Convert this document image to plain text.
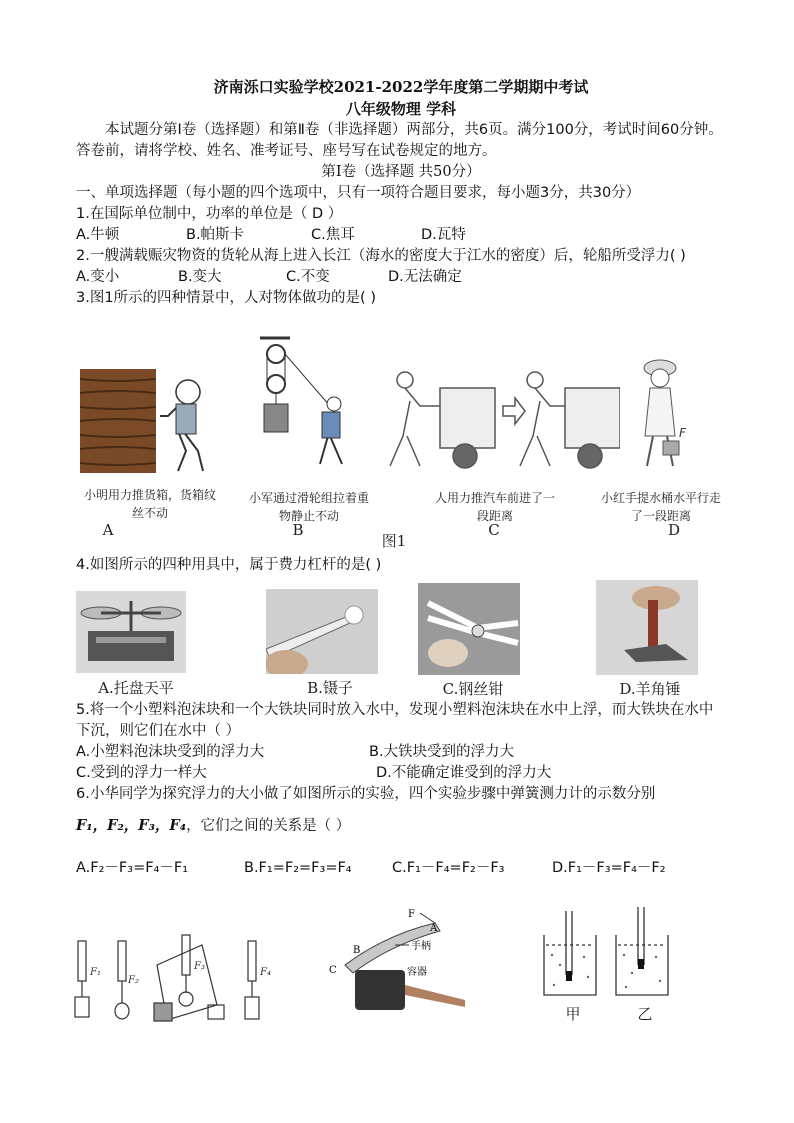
济南泺口实验学校2021-2022学年度第二学期期中考试
八年级物理 学科
本试题分第Ⅰ卷（选择题）和第Ⅱ卷（非选择题）两部分，共6页。满分100分，考试时间60分钟。答卷前，请将学校、姓名、准考证号、座号写在试卷规定的地方。
第Ⅰ卷（选择题 共50分）
一、单项选择题（每小题的四个选项中，只有一项符合题目要求，每小题3分，共30分）
1.在国际单位制中，功率的单位是（ D ）
A.牛顿	B.帕斯卡	C.焦耳	D.瓦特
2.一艘满载赈灾物资的货轮从海上进入长江（海水的密度大于江水的密度）后，轮船所受浮力( )
A.变小	B.变大	C.不变	D.无法确定
3.图1所示的四种情景中，人对物体做功的是( )
小明用力推货箱，货箱纹丝不动
A
小军通过滑轮组拉着重物静止不动
B
人用力推汽车前进了一段距离
C
F
小红手提水桶水平行走了一段距离
D
图1
4.如图所示的四种用具中，属于费力杠杆的是( )
A.托盘天平	B.镊子	C.钢丝钳	D.羊角锤
5.将一个小塑料泡沫块和一个大铁块同时放入水中，发现小塑料泡沫块在水中上浮，而大铁块在水中下沉，则它们在水中（ ）
A.小塑料泡沫块受到的浮力大	B.大铁块受到的浮力大
C.受到的浮力一样大	D.不能确定谁受到的浮力大
6.小华同学为探究浮力的大小做了如图所示的实验，四个实验步骤中弹簧测力计的示数分别
F₁，F₂，F₃，F₄，它们之间的关系是（ ）
A.F₂－F₃=F₄－F₁	B.F₁=F₂=F₃=F₄	C.F₁－F₄=F₂－F₃	D.F₁－F₃=F₄－F₂
F₁
F₂
F₃
F₄
F
A
B
C
手柄
容器
甲	乙
